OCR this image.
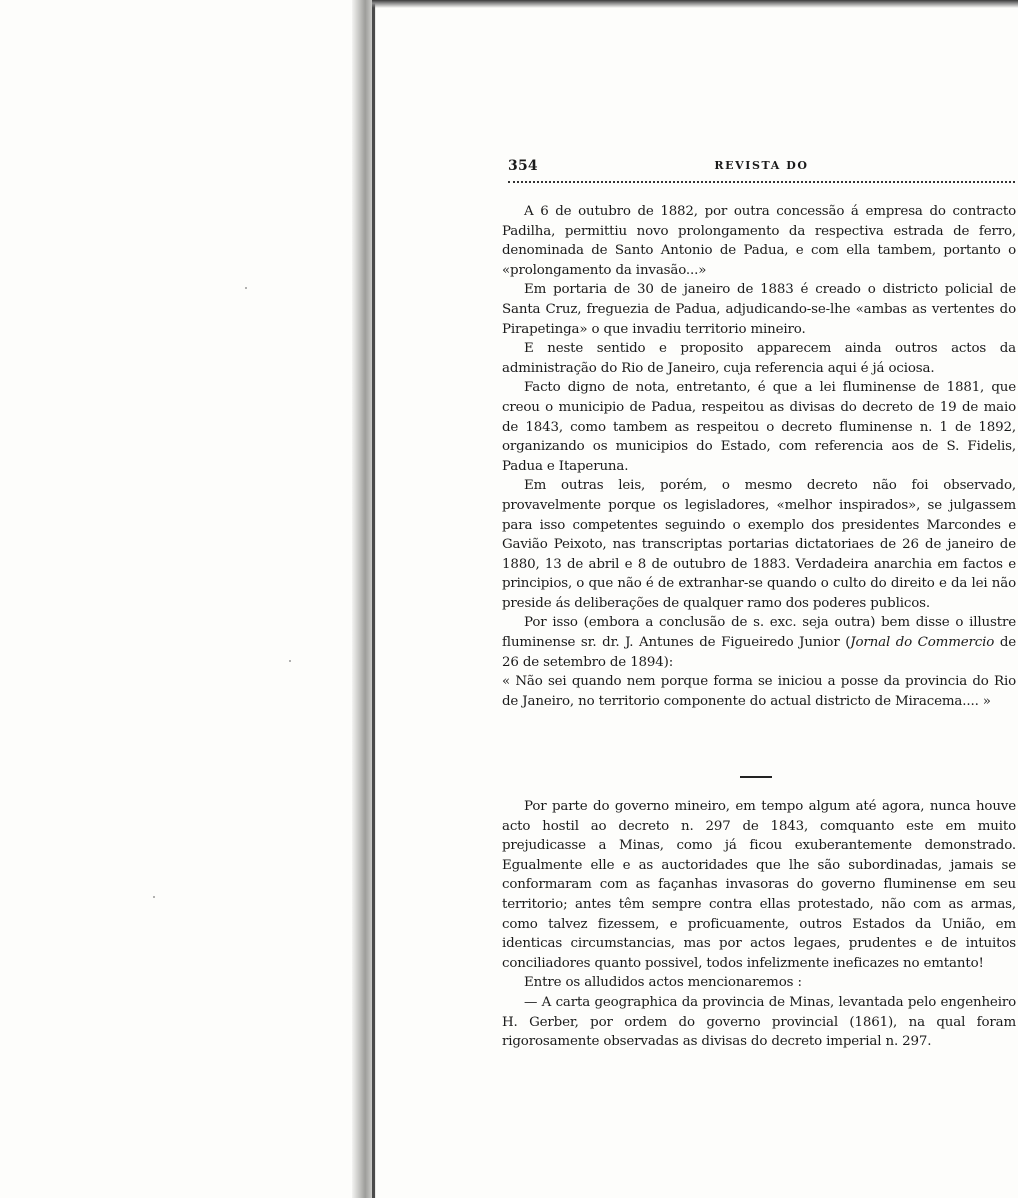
354	REVISTA DO

A 6 de outubro de 1882, por outra concessão á empresa do contracto Padilha, permittiu novo prolongamento da respectiva estrada de ferro, denominada de Santo Antonio de Padua, e com ella tambem, portanto o «prolongamento da invasão...»

Em portaria de 30 de janeiro de 1883 é creado o districto policial de Santa Cruz, freguezia de Padua, adjudicando-se-lhe «ambas as vertentes do Pirapetinga» o que invadiu territorio mineiro.

E neste sentido e proposito apparecem ainda outros actos da administração do Rio de Janeiro, cuja referencia aqui é já ociosa.

Facto digno de nota, entretanto, é que a lei fluminense de 1881, que creou o municipio de Padua, respeitou as divisas do decreto de 19 de maio de 1843, como tambem as respeitou o decreto fluminense n. 1 de 1892, organizando os municipios do Estado, com referencia aos de S. Fidelis, Padua e Itaperuna.

Em outras leis, porém, o mesmo decreto não foi observado, provavelmente porque os legisladores, «melhor inspirados», se julgassem para isso competentes seguindo o exemplo dos presidentes Marcondes e Gavião Peixoto, nas transcriptas portarias dictatoriaes de 26 de janeiro de 1880, 13 de abril e 8 de outubro de 1883. Verdadeira anarchia em factos e principios, o que não é de extranhar-se quando o culto do direito e da lei não preside ás deliberações de qualquer ramo dos poderes publicos.

Por isso (embora a conclusão de s. exc. seja outra) bem disse o illustre fluminense sr. dr. J. Antunes de Figueiredo Junior (Jornal do Commercio de 26 de setembro de 1894):

« Não sei quando nem porque forma se iniciou a posse da provincia do Rio de Janeiro, no territorio componente do actual districto de Miracema.... »

Por parte do governo mineiro, em tempo algum até agora, nunca houve acto hostil ao decreto n. 297 de 1843, comquanto este em muito prejudicasse a Minas, como já ficou exuberantemente demonstrado. Egualmente elle e as auctoridades que lhe são subordinadas, jamais se conformaram com as façanhas invasoras do governo fluminense em seu territorio; antes têm sempre contra ellas protestado, não com as armas, como talvez fizessem, e proficuamente, outros Estados da União, em identicas circumstancias, mas por actos legaes, prudentes e de intuitos conciliadores quanto possivel, todos infelizmente ineficazes no emtanto!

Entre os alludidos actos mencionaremos :

— A carta geographica da provincia de Minas, levantada pelo engenheiro H. Gerber, por ordem do governo provincial (1861), na qual foram rigorosamente observadas as divisas do decreto imperial n. 297.
